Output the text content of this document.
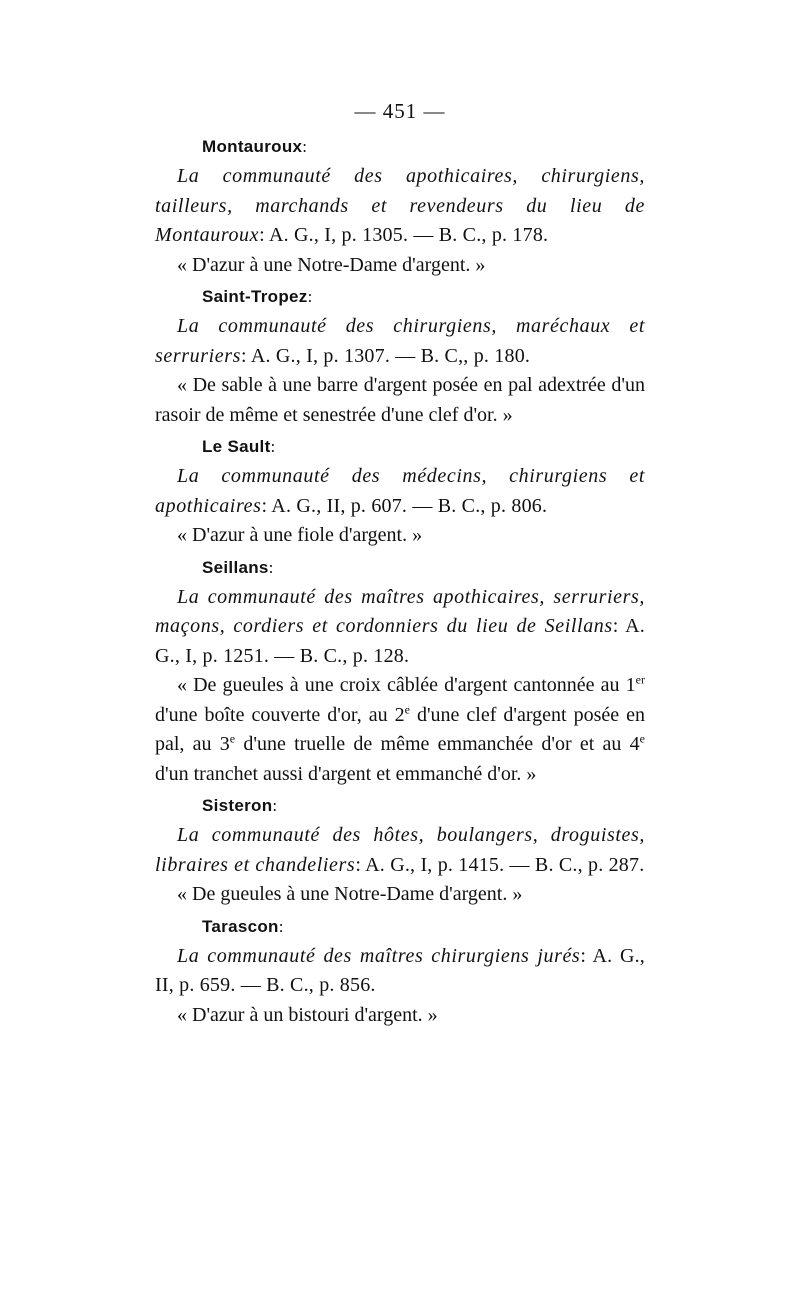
— 451 —
Montauroux:

La communauté des apothicaires, chirurgiens, tailleurs, marchands et revendeurs du lieu de Montauroux: A. G., I, p. 1305. — B. C., p. 178.

« D'azur à une Notre-Dame d'argent. »

Saint-Tropez:

La communauté des chirurgiens, maréchaux et serruriers: A. G., I, p. 1307. — B. C,, p. 180.

« De sable à une barre d'argent posée en pal adextrée d'un rasoir de même et senestrée d'une clef d'or. »

Le Sault:

La communauté des médecins, chirurgiens et apothicaires: A. G., II, p. 607. — B. C., p. 806.

« D'azur à une fiole d'argent. »

Seillans:

La communauté des maîtres apothicaires, serruriers, maçons, cordiers et cordonniers du lieu de Seillans: A. G., I, p. 1251. — B. C., p. 128.

« De gueules à une croix câblée d'argent cantonnée au 1er d'une boîte couverte d'or, au 2e d'une clef d'argent posée en pal, au 3e d'une truelle de même emmanchée d'or et au 4e d'un tranchet aussi d'argent et emmanché d'or. »

Sisteron:

La communauté des hôtes, boulangers, droguistes, libraires et chandeliers: A. G., I, p. 1415. — B. C., p. 287.

« De gueules à une Notre-Dame d'argent. »

Tarascon:

La communauté des maîtres chirurgiens jurés: A. G., II, p. 659. — B. C., p. 856.

« D'azur à un bistouri d'argent. »
